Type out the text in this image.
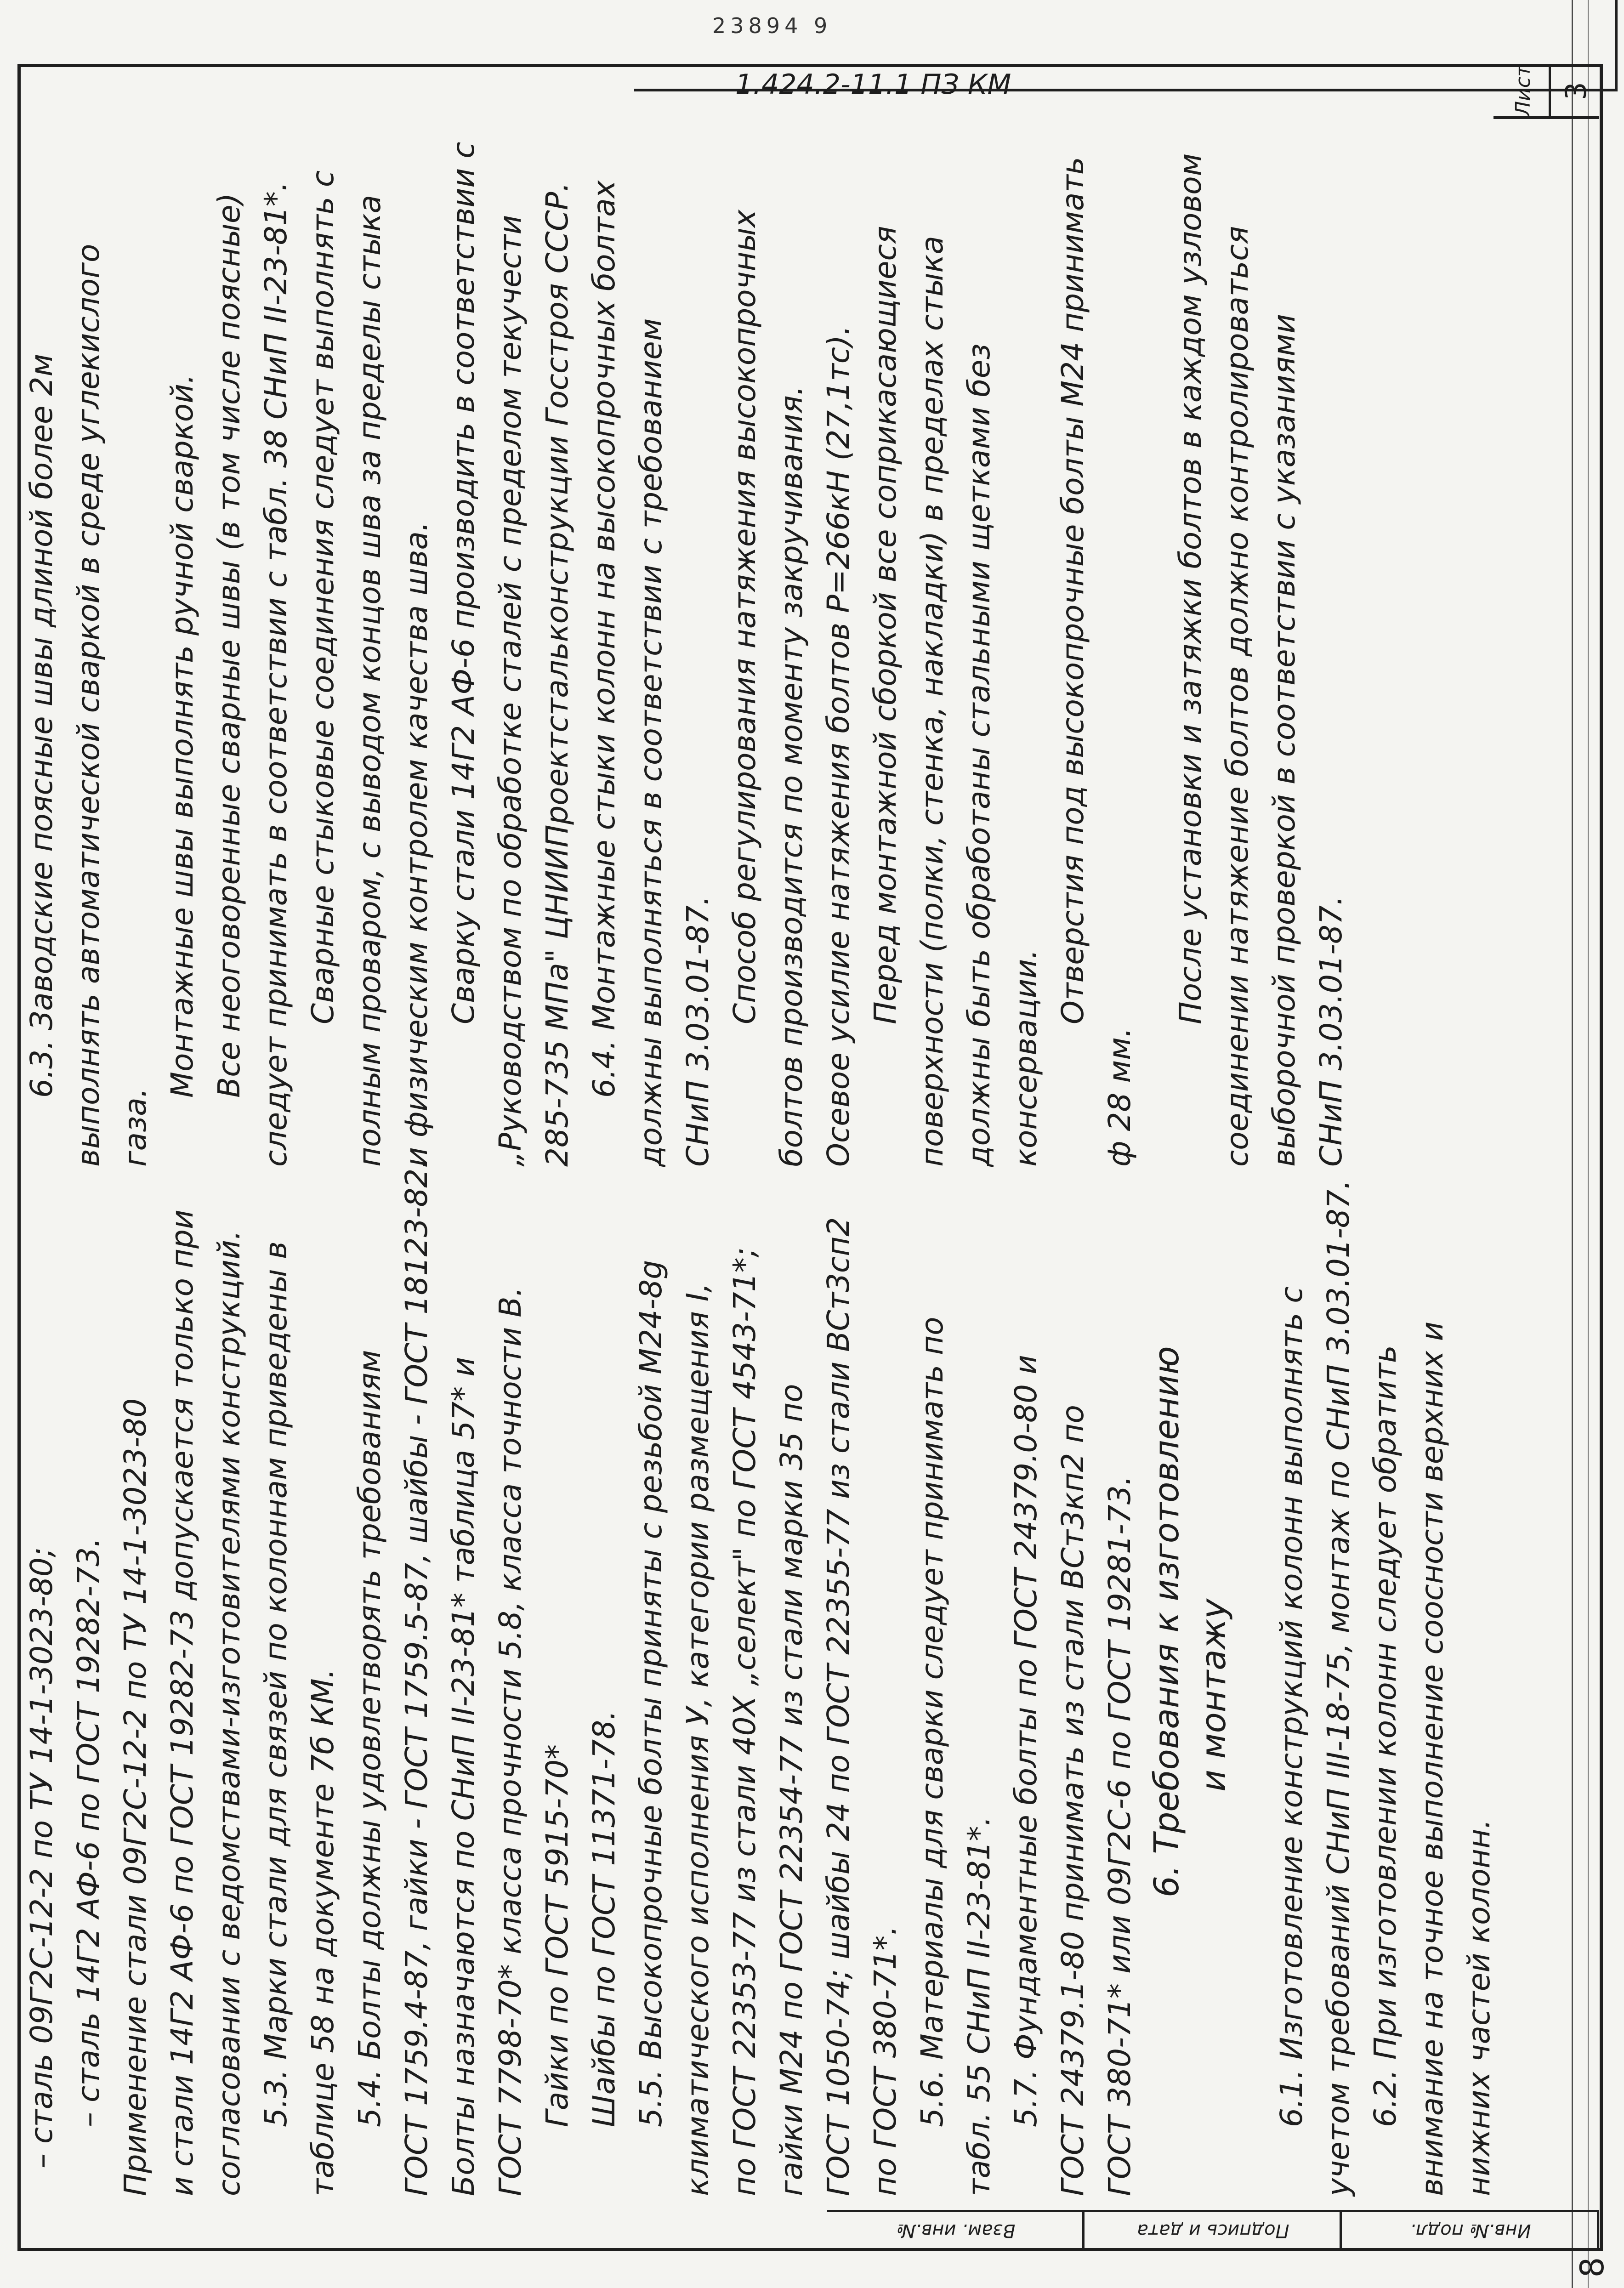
Инв.№ подл.
Подпись и дата
Взам. инв.№
– сталь 09Г2С-12-2 по ТУ 14-1-3023-80; – сталь 14Г2 АФ-6 по ГОСТ 19282-73. Применение стали 09Г2С-12-2 по ТУ 14-1-3023-80 и стали 14Г2 АФ-6 по ГОСТ 19282-73 допускается только при согласовании с ведомствами-изготовителями конструкций. 5.3. Марки стали для связей по колоннам приведены в таблице 58 на документе 7б КМ. 5.4. Болты должны удовлетворять требованиям ГОСТ 1759.4-87, гайки - ГОСТ 1759.5-87, шайбы - ГОСТ 18123-82. Болты назначаются по СНиП II-23-81* таблица 57* и ГОСТ 7798-70* класса прочности 5.8, класса точности В. Гайки по ГОСТ 5915-70* Шайбы по ГОСТ 11371-78. 5.5. Высокопрочные болты приняты с резьбой М24-8g климатического исполнения У, категории размещения I, по ГОСТ 22353-77 из стали 40Х „селект" по ГОСТ 4543-71*; гайки М24 по ГОСТ 22354-77 из стали марки 35 по ГОСТ 1050-74; шайбы 24 по ГОСТ 22355-77 из стали ВСт3сп2 по ГОСТ 380-71*. 5.6. Материалы для сварки следует принимать по табл. 55 СНиП II-23-81*. 5.7. Фундаментные болты по ГОСТ 24379.0-80 и ГОСТ 24379.1-80 принимать из стали ВСт3кп2 по ГОСТ 380-71* или 09Г2С-6 по ГОСТ 19281-73. 6. Требования к изготовлению и монтажу 6.1. Изготовление конструкций колонн выполнять с учетом требований СНиП III-18-75, монтаж по СНиП 3.03.01-87. 6.2. При изготовлении колонн следует обратить внимание на точное выполнение соосности верхних и нижних частей колонн.
6.3. Заводские поясные швы длиной более 2м выполнять автоматической сваркой в среде углекислого газа.
Монтажные швы выполнять ручной сваркой. Все неоговоренные сварные швы (в том числе поясные) следует принимать в соответствии с табл. 38 СНиП II-23-81*. Сварные стыковые соединения следует выполнять с полным проваром, с выводом концов шва за пределы стыка и физическим контролем качества шва. Сварку стали 14Г2 АФ-6 производить в соответствии с „Руководством по обработке сталей с пределом текучести 285-735 МПа" ЦНИИПроектстальконструкции Госстроя СССР. 6.4. Монтажные стыки колонн на высокопрочных болтах должны выполняться в соответствии с требованием СНиП 3.03.01-87.
Способ регулирования натяжения высокопрочных болтов производится по моменту закручивания. Осевое усилие натяжения болтов Р=266кН (27,1тс). Перед монтажной сборкой все соприкасающиеся поверхности (полки, стенка, накладки) в пределах стыка должны быть обработаны стальными щетками без консервации.
Отверстия под высокопрочные болты М24 принимать
ф 28 мм.
После установки и затяжки болтов в каждом узловом соединении натяжение болтов должно контролироваться выборочной проверкой в соответствии с указаниями СНиП 3.03.01-87.
1.424.2-11.1 ПЗ КМ
23894 9
Лист 3
8
